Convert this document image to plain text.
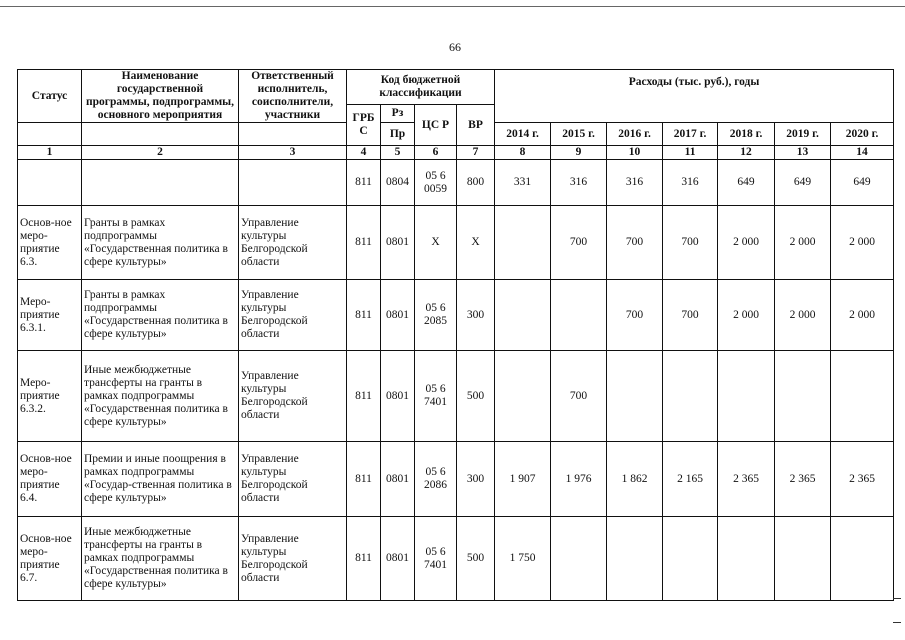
66
Статус	Наименование государственной программы, подпрограммы, основного мероприятия	Ответственный исполнитель, соисполнители, участники	Код бюджетной классификации				Расходы (тыс. руб.), годы						
			ГРБ С	Рз	ЦС Р	ВР							
				Пр			2014 г.	2015 г.	2016 г.	2017 г.	2018 г.	2019 г.	2020 г.

1	2	3	4	5	6	7	8	9	10	11	12	13	14
			811	0804	05 6 0059	800	331	316	316	316	649	649	649
Основ-ное меро-приятие 6.3.	Гранты в рамках подпрограммы «Государственная политика в сфере культуры»	Управление культуры Белгородской области	811	0801	Х	Х		700	700	700	2 000	2 000	2 000
Меро-приятие 6.3.1.	Гранты в рамках подпрограммы «Государственная политика в сфере культуры»	Управление культуры Белгородской области	811	0801	05 6 2085	300			700	700	2 000	2 000	2 000
Меро-приятие 6.3.2.	Иные межбюджетные трансферты на гранты в рамках подпрограммы «Государственная политика в сфере культуры»	Управление культуры Белгородской области	811	0801	05 6 7401	500		700					
Основ-ное меро-приятие 6.4.	Премии и иные поощрения в рамках подпрограммы «Государ-ственная политика в сфере культуры»	Управление культуры Белгородской области	811	0801	05 6 2086	300	1 907	1 976	1 862	2 165	2 365	2 365	2 365
Основ-ное меро-приятие 6.7.	Иные межбюджетные трансферты на гранты в рамках подпрограммы «Государственная политика в сфере культуры»	Управление культуры Белгородской области	811	0801	05 6 7401	500	1 750						
